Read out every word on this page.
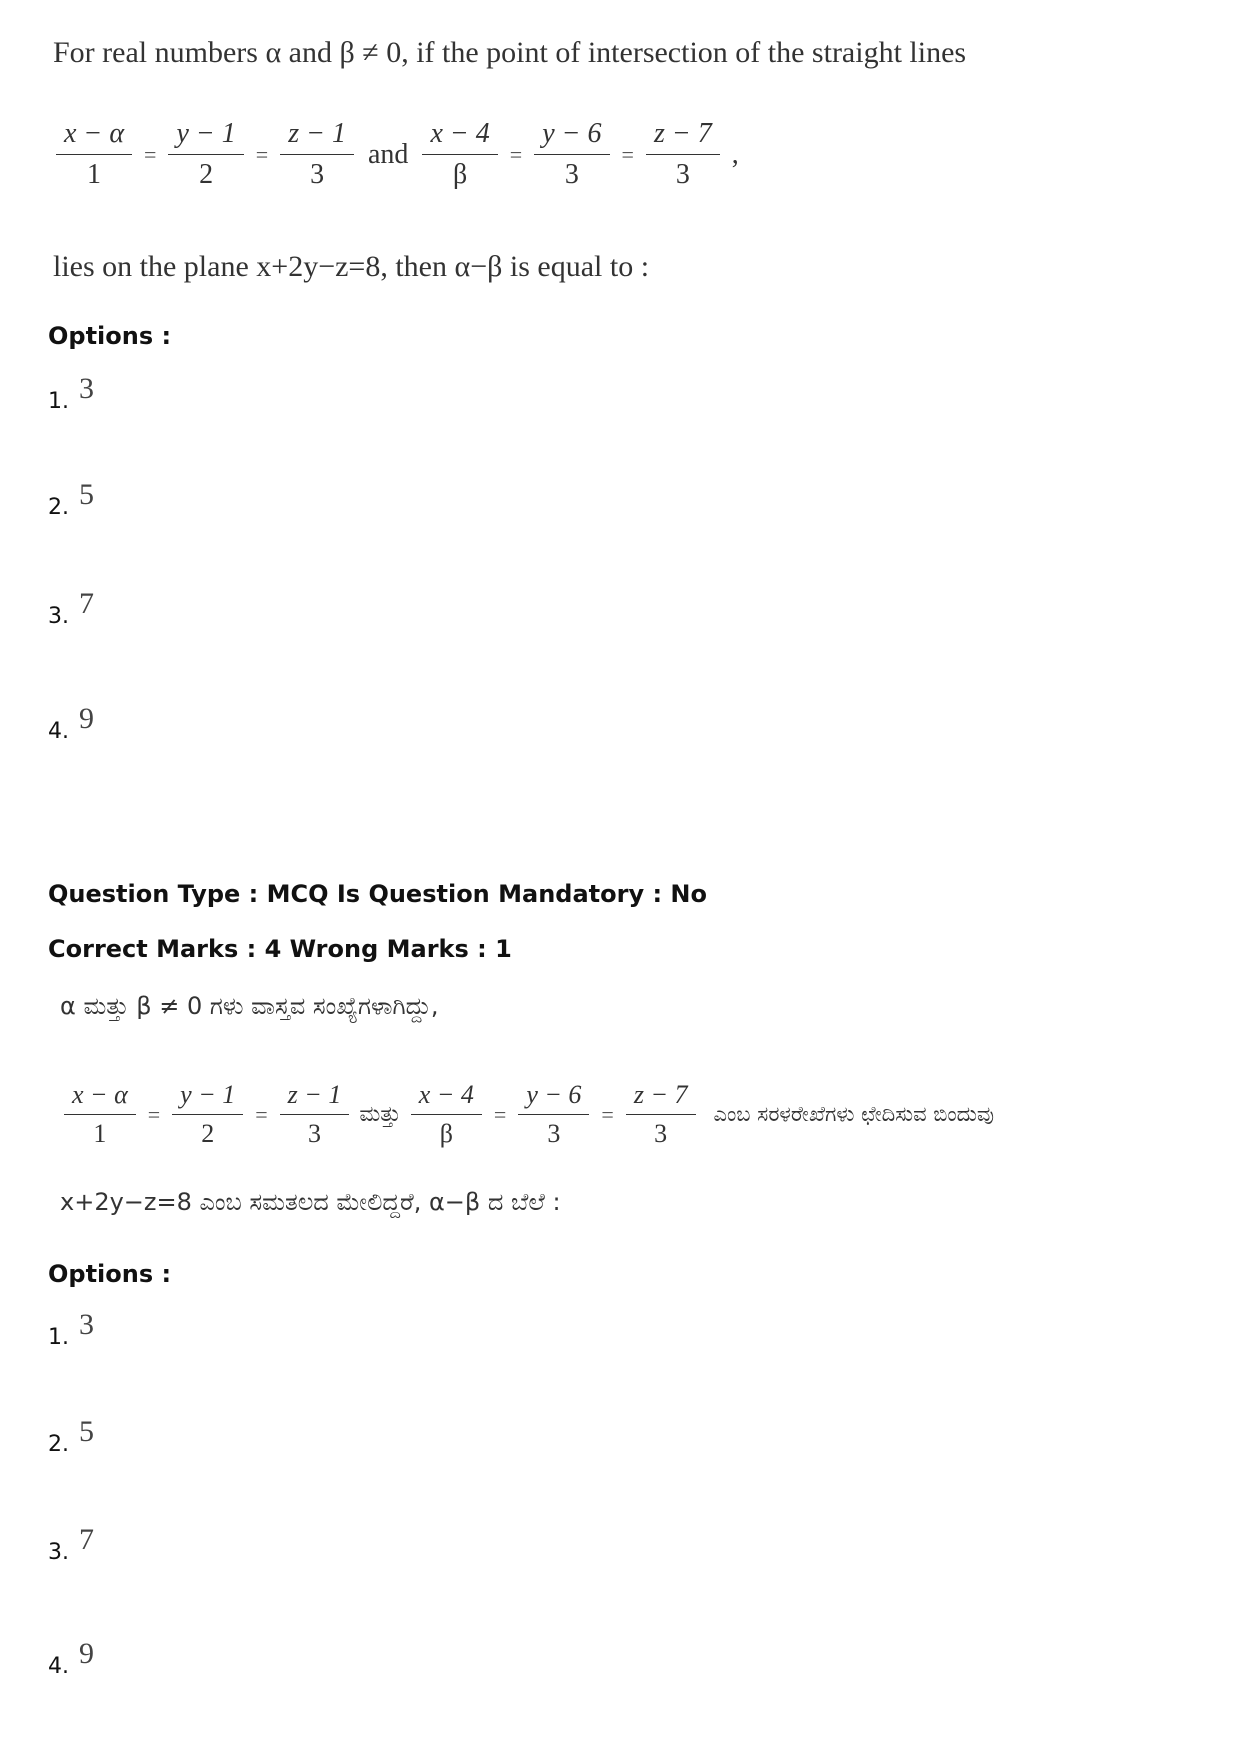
For real numbers α and β ≠ 0, if the point of intersection of the straight lines
$\frac{x - \alpha}{1} = \frac{y - 1}{2} = \frac{z - 1}{3}$ and $\frac{x - 4}{\beta} = \frac{y - 6}{3} = \frac{z - 7}{3}$ ,
lies on the plane x+2y−z=8, then α−β is equal to :
Options :
1. 3
2. 5
3. 7
4. 9
Question Type : MCQ Is Question Mandatory : No
Correct Marks : 4 Wrong Marks : 1
α ಮತ್ತು β ≠ 0 ಗಳು ವಾಸ್ತವ ಸಂಖ್ಯೆಗಳಾಗಿದ್ದು,
$\frac{x - \alpha}{1} = \frac{y - 1}{2} = \frac{z - 1}{3}$ ಮತ್ತು $\frac{x - 4}{\beta} = \frac{y - 6}{3} = \frac{z - 7}{3}$ ಎಂಬ ಸರಳರೇಖೆಗಳು ಛೇದಿಸುವ ಬಿಂದುವು
x+2y−z=8 ಎಂಬ ಸಮತಲದ ಮೇಲಿದ್ದರೆ, α−β ದ ಬೆಲೆ :
Options :
1. 3
2. 5
3. 7
4. 9
